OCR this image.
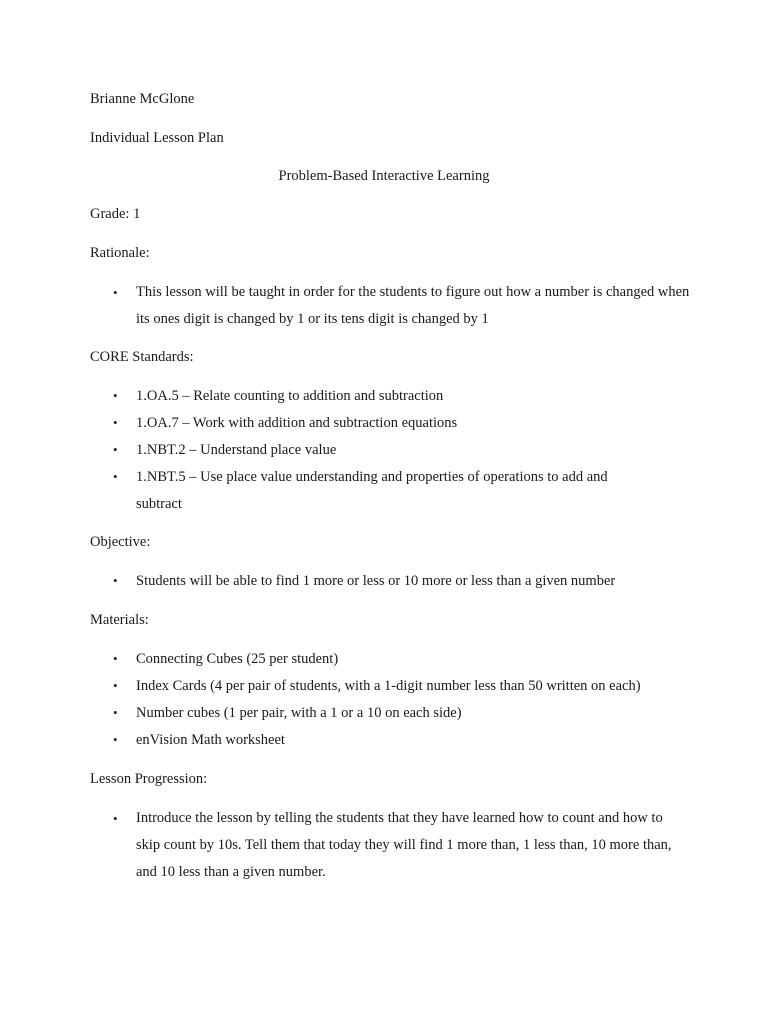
Brianne McGlone
Individual Lesson Plan
Problem-Based Interactive Learning
Grade: 1
Rationale:
• This lesson will be taught in order for the students to figure out how a number is changed when its ones digit is changed by 1 or its tens digit is changed by 1
CORE Standards:
• 1.OA.5 – Relate counting to addition and subtraction
• 1.OA.7 – Work with addition and subtraction equations
• 1.NBT.2 – Understand place value
• 1.NBT.5 – Use place value understanding and properties of operations to add and subtract
Objective:
• Students will be able to find 1 more or less or 10 more or less than a given number
Materials:
• Connecting Cubes (25 per student)
• Index Cards (4 per pair of students, with a 1-digit number less than 50 written on each)
• Number cubes (1 per pair, with a 1 or a 10 on each side)
• enVision Math worksheet
Lesson Progression:
• Introduce the lesson by telling the students that they have learned how to count and how to skip count by 10s. Tell them that today they will find 1 more than, 1 less than, 10 more than, and 10 less than a given number.
